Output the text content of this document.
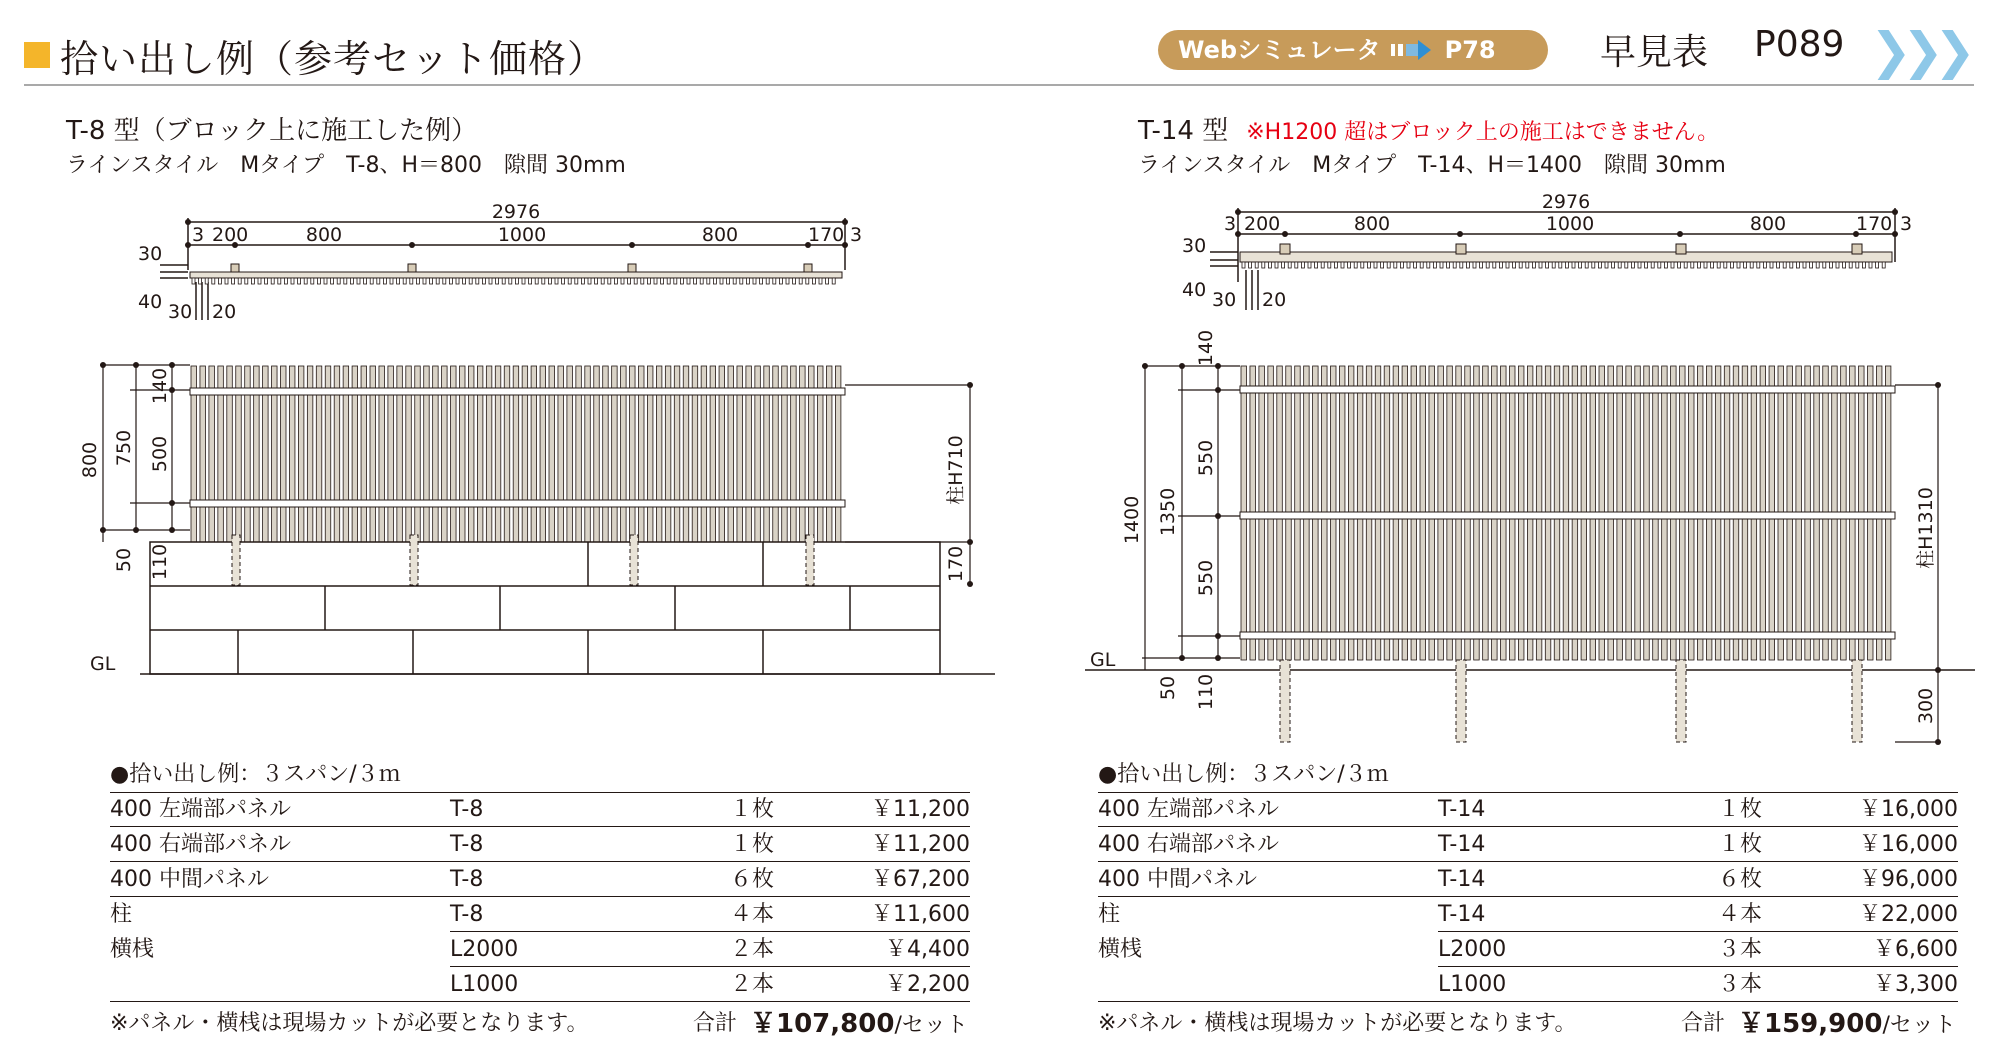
拾い出し例（参考セット価格）	Webシミュレータ	P78	早見表 P089 ❯
❯
❯
T-8 型（ブロック上に施工した例）
ラインスタイル　Mタイプ　T-8、H＝800　隙間 30mm
T-14 型 ※H1200 超はブロック上の施工はできません。
ラインスタイル　Mタイプ　T-14、H＝1400　隙間 30mm
2976
3 200	800	1000	800	170 3
30
40 30 20
800 750
140
500
50 110
柱H710
170
GL
2976
3 200	800	1000	800	170 3
30
40 30 20
1400 1350
140
550
550
50 110
柱H1310
300
GL
●拾い出し例：３スパン/３ｍ
400 左端部パネル	T-8	１枚	￥11,200
400 右端部パネル	T-8	１枚	￥11,200
400 中間パネル	T-8	６枚	￥67,200
柱	T-8	４本	￥11,600
横桟	L2000	２本	￥4,400
L1000	２本	￥2,200
※パネル・横桟は現場カットが必要となります。	合計 ￥107,800/セット
●拾い出し例：３スパン/３ｍ
400 左端部パネル	T-14	１枚	￥16,000
400 右端部パネル	T-14	１枚	￥16,000
400 中間パネル	T-14	６枚	￥96,000
柱	T-14	４本	￥22,000
横桟	L2000	３本	￥6,600
L1000	３本	￥3,300
※パネル・横桟は現場カットが必要となります。	合計 ￥159,900/セット
